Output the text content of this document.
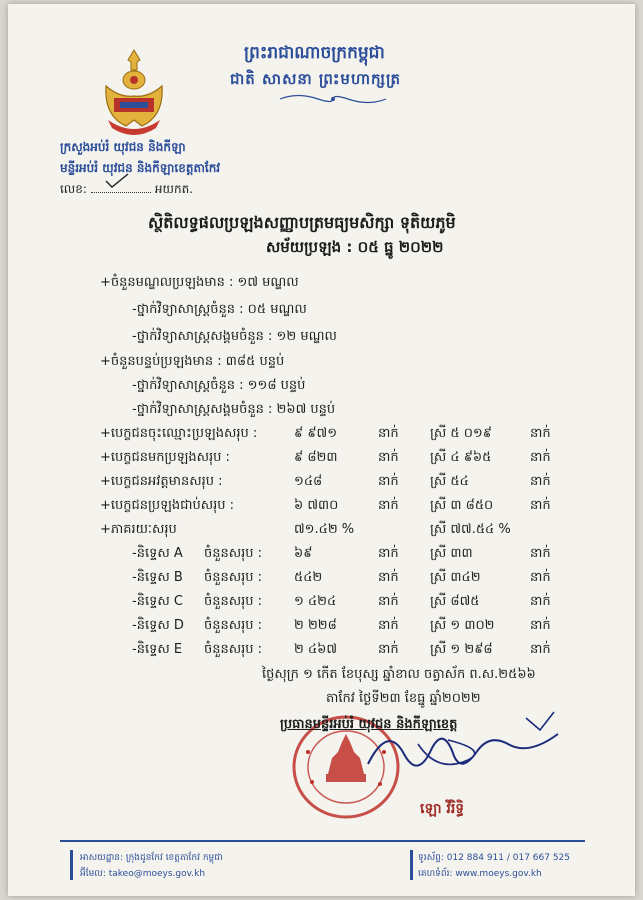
ព្រះរាជាណាចក្រកម្ពុជា
ជាតិ សាសនា ព្រះមហាក្សត្រ
ក្រសួងអប់រំ យុវជន និងកីឡា
មន្ទីរអប់រំ យុវជន និងកីឡាខេត្តតាកែវ
លេខ:	អយកត.
ស្ថិតិលទ្ធផលប្រឡងសញ្ញាបត្រមធ្យមសិក្សា ទុតិយភូមិ
សម័យប្រឡង : ០៥ ធ្នូ ២០២២
+ចំនួនមណ្ឌលប្រឡងមាន : ១៧ មណ្ឌល
-ថ្នាក់វិទ្យាសាស្ត្រចំនួន : ០៥ មណ្ឌល
-ថ្នាក់វិទ្យាសាស្ត្រសង្គមចំនួន : ១២ មណ្ឌល
+ចំនួនបន្ទប់ប្រឡងមាន : ៣៨៥ បន្ទប់
-ថ្នាក់វិទ្យាសាស្ត្រចំនួន : ១១៨ បន្ទប់
-ថ្នាក់វិទ្យាសាស្ត្រសង្គមចំនួន : ២៦៧ បន្ទប់
+បេក្ខជនចុះឈ្មោះប្រឡងសរុប :	៩ ៩៧១	នាក់ ស្រី ៥ ០១៩	នាក់
+បេក្ខជនមកប្រឡងសរុប :	៩ ៨២៣	នាក់ ស្រី ៤ ៩៦៥	នាក់
+បេក្ខជនអវត្តមានសរុប :	១៤៨	នាក់ ស្រី ៥៤	នាក់
+បេក្ខជនប្រឡងជាប់សរុប :	៦ ៧៣០	នាក់ ស្រី ៣ ៨៥០	នាក់
+ភាគរយៈសរុប	៧១.៤២ %	ស្រី ៧៧.៥៤ %
-និទ្ទេស A ចំនួនសរុប : ៦៩	នាក់ ស្រី ៣៣	នាក់
-និទ្ទេស B ចំនួនសរុប : ៥៤២	នាក់ ស្រី ៣៤២	នាក់
-និទ្ទេស C ចំនួនសរុប : ១ ៤២៤	នាក់ ស្រី ៨៧៥	នាក់
-និទ្ទេស D ចំនួនសរុប : ២ ២២៨	នាក់ ស្រី ១ ៣០២	នាក់
-និទ្ទេស E ចំនួនសរុប : ២ ៤៦៧	នាក់ ស្រី ១ ២៩៨	នាក់
ថ្ងៃសុក្រ ១ កើត ខែបុស្ស ឆ្នាំខាល ចត្វាស័ក ព.ស.២៥៦៦
តាកែវ ថ្ងៃទី២៣ ខែធ្នូ ឆ្នាំ២០២២
ប្រធានមន្ទីរអប់រំ យុវជន និងកីឡាខេត្ត
ឡោ វីរិទ្ធិ
អាសយដ្ឋាន: ក្រុងដូនកែវ ខេត្តតាកែវ កម្ពុជា
អ៊ីមែល: takeo@moeys.gov.kh
ទូរស័ព្ទ: 012 884 911 / 017 667 525
គេហទំព័រ: www.moeys.gov.kh
